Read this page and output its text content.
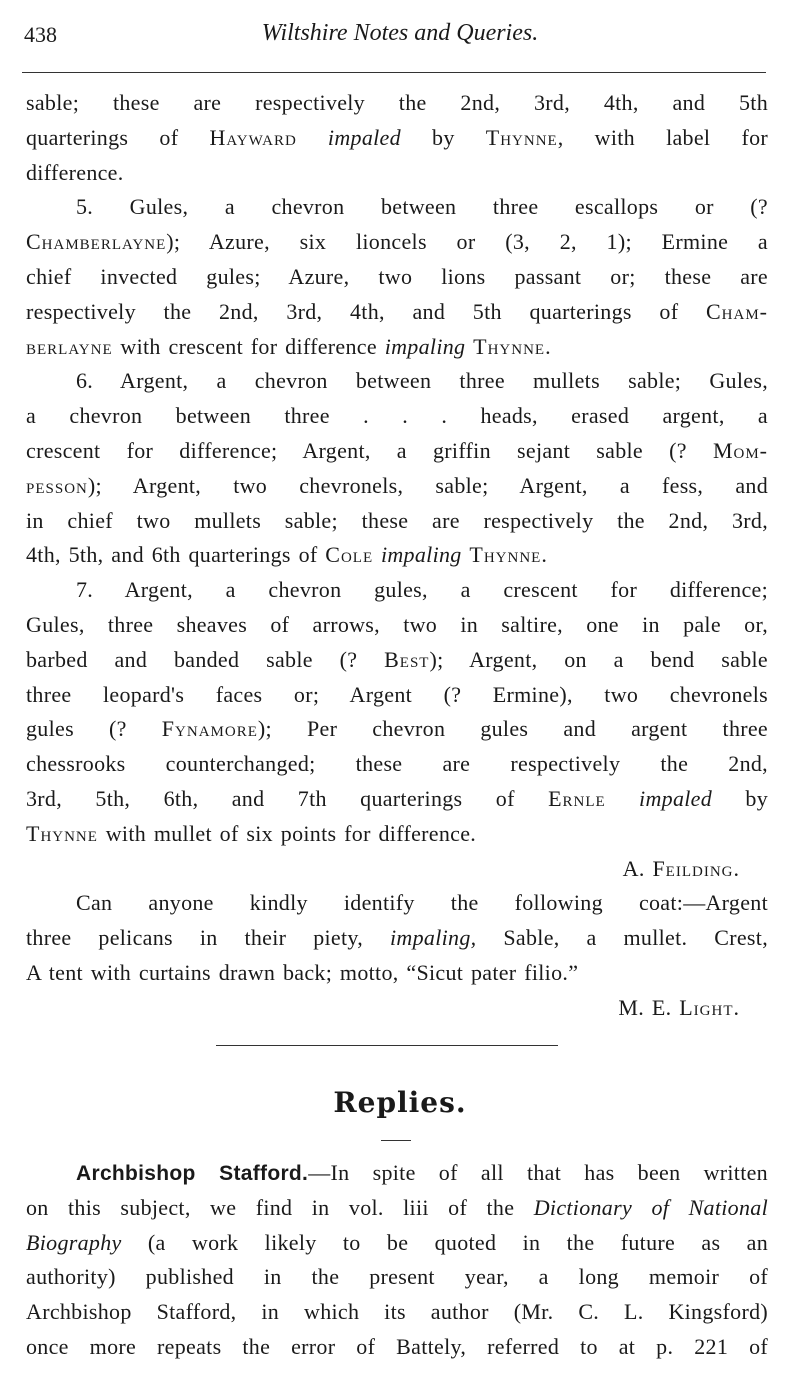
438	Wiltshire Notes and Queries.
sable; these are respectively the 2nd, 3rd, 4th, and 5th
quarterings of Hayward impaled by Thynne, with label for
difference.
5. Gules, a chevron between three escallops or (?
Chamberlayne); Azure, six lioncels or (3, 2, 1); Ermine a
chief invected gules; Azure, two lions passant or; these are
respectively the 2nd, 3rd, 4th, and 5th quarterings of Cham-
berlayne with crescent for difference impaling Thynne.
6. Argent, a chevron between three mullets sable; Gules,
a chevron between three . . . heads, erased argent, a
crescent for difference; Argent, a griffin sejant sable (? Mom-
pesson); Argent, two chevronels, sable; Argent, a fess, and
in chief two mullets sable; these are respectively the 2nd, 3rd,
4th, 5th, and 6th quarterings of Cole impaling Thynne.
7. Argent, a chevron gules, a crescent for difference;
Gules, three sheaves of arrows, two in saltire, one in pale or,
barbed and banded sable (? Best); Argent, on a bend sable
three leopard's faces or; Argent (? Ermine), two chevronels
gules (? Fynamore); Per chevron gules and argent three
chessrooks counterchanged; these are respectively the 2nd,
3rd, 5th, 6th, and 7th quarterings of Ernle impaled by
Thynne with mullet of six points for difference.
A. Feilding.
Can anyone kindly identify the following coat:—Argent
three pelicans in their piety, impaling, Sable, a mullet. Crest,
A tent with curtains drawn back; motto, “Sicut pater filio.”
M. E. Light.
Replies.
Archbishop Stafford.—In spite of all that has been written
on this subject, we find in vol. liii of the Dictionary of National
Biography (a work likely to be quoted in the future as an
authority) published in the present year, a long memoir of
Archbishop Stafford, in which its author (Mr. C. L. Kingsford)
once more repeats the error of Battely, referred to at p. 221 of
